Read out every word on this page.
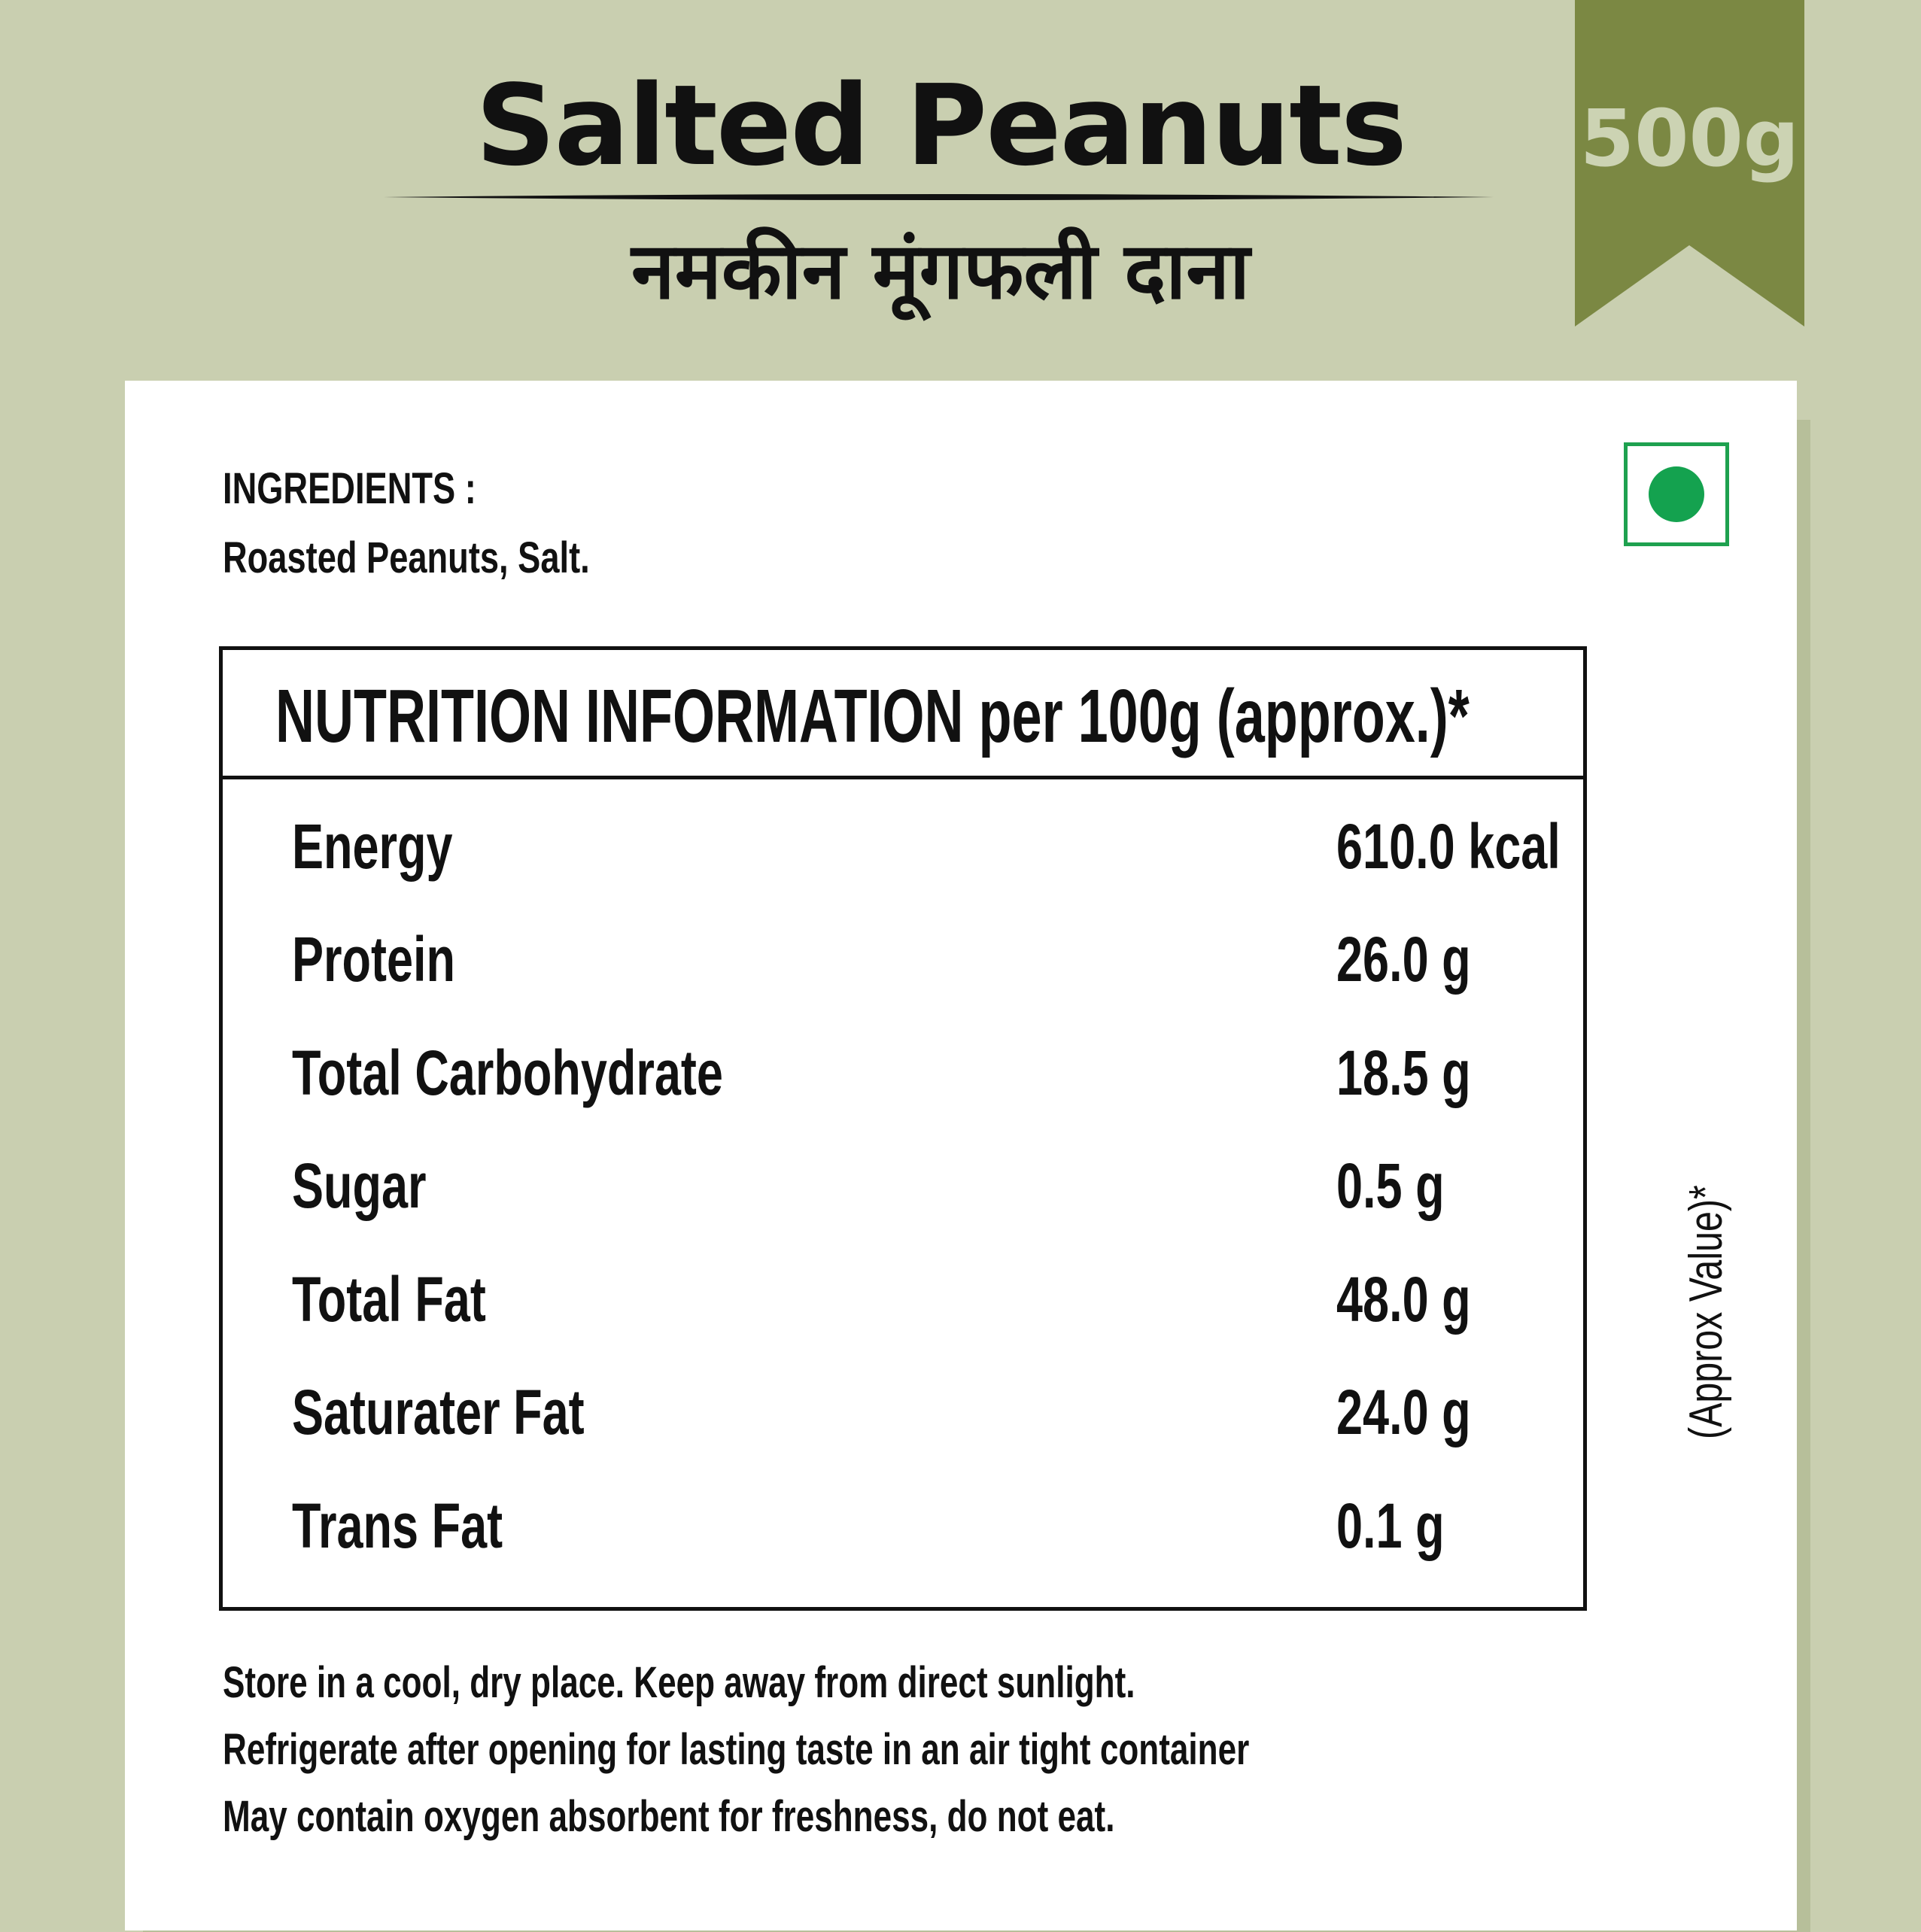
Salted Peanuts
नमकीन मूंगफली दाना
500g
INGREDIENTS :
Roasted Peanuts, Salt.
NUTRITION INFORMATION per 100g (approx.)*
Energy	610.0 kcal
Protein	26.0 g
Total Carbohydrate	18.5 g
Sugar	0.5 g
Total Fat	48.0 g
Saturater Fat	24.0 g
Trans Fat	0.1 g
(Approx Value)*
Store in a cool, dry place. Keep away from direct sunlight.
Refrigerate after opening for lasting taste in an air tight container
May contain oxygen absorbent for freshness, do not eat.
